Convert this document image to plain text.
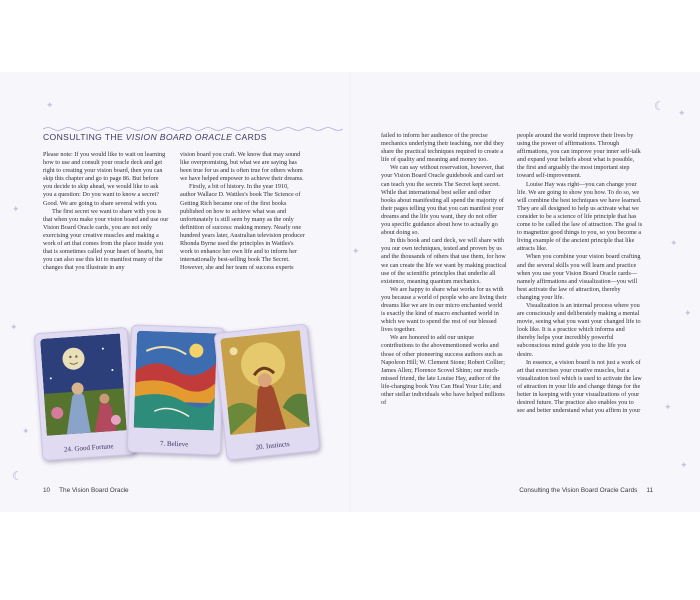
✦
✦
✦
✦
☾
☾
✦
✦
✦
✦
✦
✦
CONSULTING THE VISION BOARD ORACLE CARDS

Please note: If you would like to wait on learning how to use and consult your oracle deck and get right to creating your vision board, then you can skip this chapter and go to page 86. But before you decide to skip ahead, we would like to ask you a question: Do you want to know a secret? Good. We are going to share several with you.

The first secret we want to share with you is that when you make your vision board and use our Vision Board Oracle cards, you are not only exercising your creative muscles and making a work of art that comes from the place inside you that is sometimes called your heart of hearts, but you can also use this kit to manifest many of the changes that you illustrate in any

vision board you craft. We know that may sound like overpromising, but what we are saying has been true for us and is often true for others whom we have helped empower to achieve their dreams.

Firstly, a bit of history. In the year 1910, author Wallace D. Wattles's book The Science of Getting Rich became one of the first books published on how to achieve what was and unfortunately is still seen by many as the only definition of success: making money. Nearly one hundred years later, Australian television producer Rhonda Byrne used the principles in Wattles's work to enhance her own life and to inform her internationally best-selling book The Secret. However, she and her team of success experts

failed to inform her audience of the precise mechanics underlying their teaching, nor did they share the practical techniques required to create a life of quality and meaning and money too.

We can say without reservation, however, that your Vision Board Oracle guidebook and card set can teach you the secrets The Secret kept secret. While that international best seller and other books about manifesting all spend the majority of their pages telling you that you can manifest your dreams and the life you want, they do not offer you specific guidance about how to actually go about doing so.

In this book and card deck, we will share with you our own techniques, tested and proven by us and the thousands of others that use them, for how we can create the life we want by making practical use of the scientific principles that underlie all existence, meaning quantum mechanics.

We are happy to share what works for us with you because a world of people who are living their dreams like we are in our micro enchanted world is exactly the kind of macro enchanted world in which we want to spend the rest of our blessed lives together.

We are honored to add our unique contributions to the abovementioned works and those of other pioneering success authors such as Napoleon Hill; W. Clement Stone; Robert Collier; James Allen; Florence Scovel Shinn; our much-missed friend, the late Louise Hay, author of the life-changing book You Can Heal Your Life; and other stellar individuals who have helped millions of

people around the world improve their lives by using the power of affirmations. Through affirmations, you can improve your inner self-talk and expand your beliefs about what is possible, the first and arguably the most important step toward self-improvement.

Louise Hay was right—you can change your life. We are going to show you how. To do so, we will combine the best techniques we have learned. They are all designed to help us activate what we consider to be a science of life principle that has come to be called the law of attraction. The goal is to magnetize good things to you, so you become a living example of the ancient principle that like attracts like.

When you combine your vision board crafting and the several skills you will learn and practice when you use your Vision Board Oracle cards—namely affirmations and visualization—you will best activate the law of attraction, thereby changing your life.

Visualization is an internal process where you are consciously and deliberately making a mental movie, seeing what you want your changed life to look like. It is a practice which informs and thereby helps your incredibly powerful subconscious mind guide you to the life you desire.

In essence, a vision board is not just a work of art that exercises your creative muscles, but a visualization tool which is used to activate the law of attraction in your life and change things for the better in keeping with your visualizations of your desired future. The practice also enables you to see and better understand what you affirm in your

24. Good Fortune	7. Believe	20. Instincts
10 The Vision Board Oracle	Consulting the Vision Board Oracle Cards 11
